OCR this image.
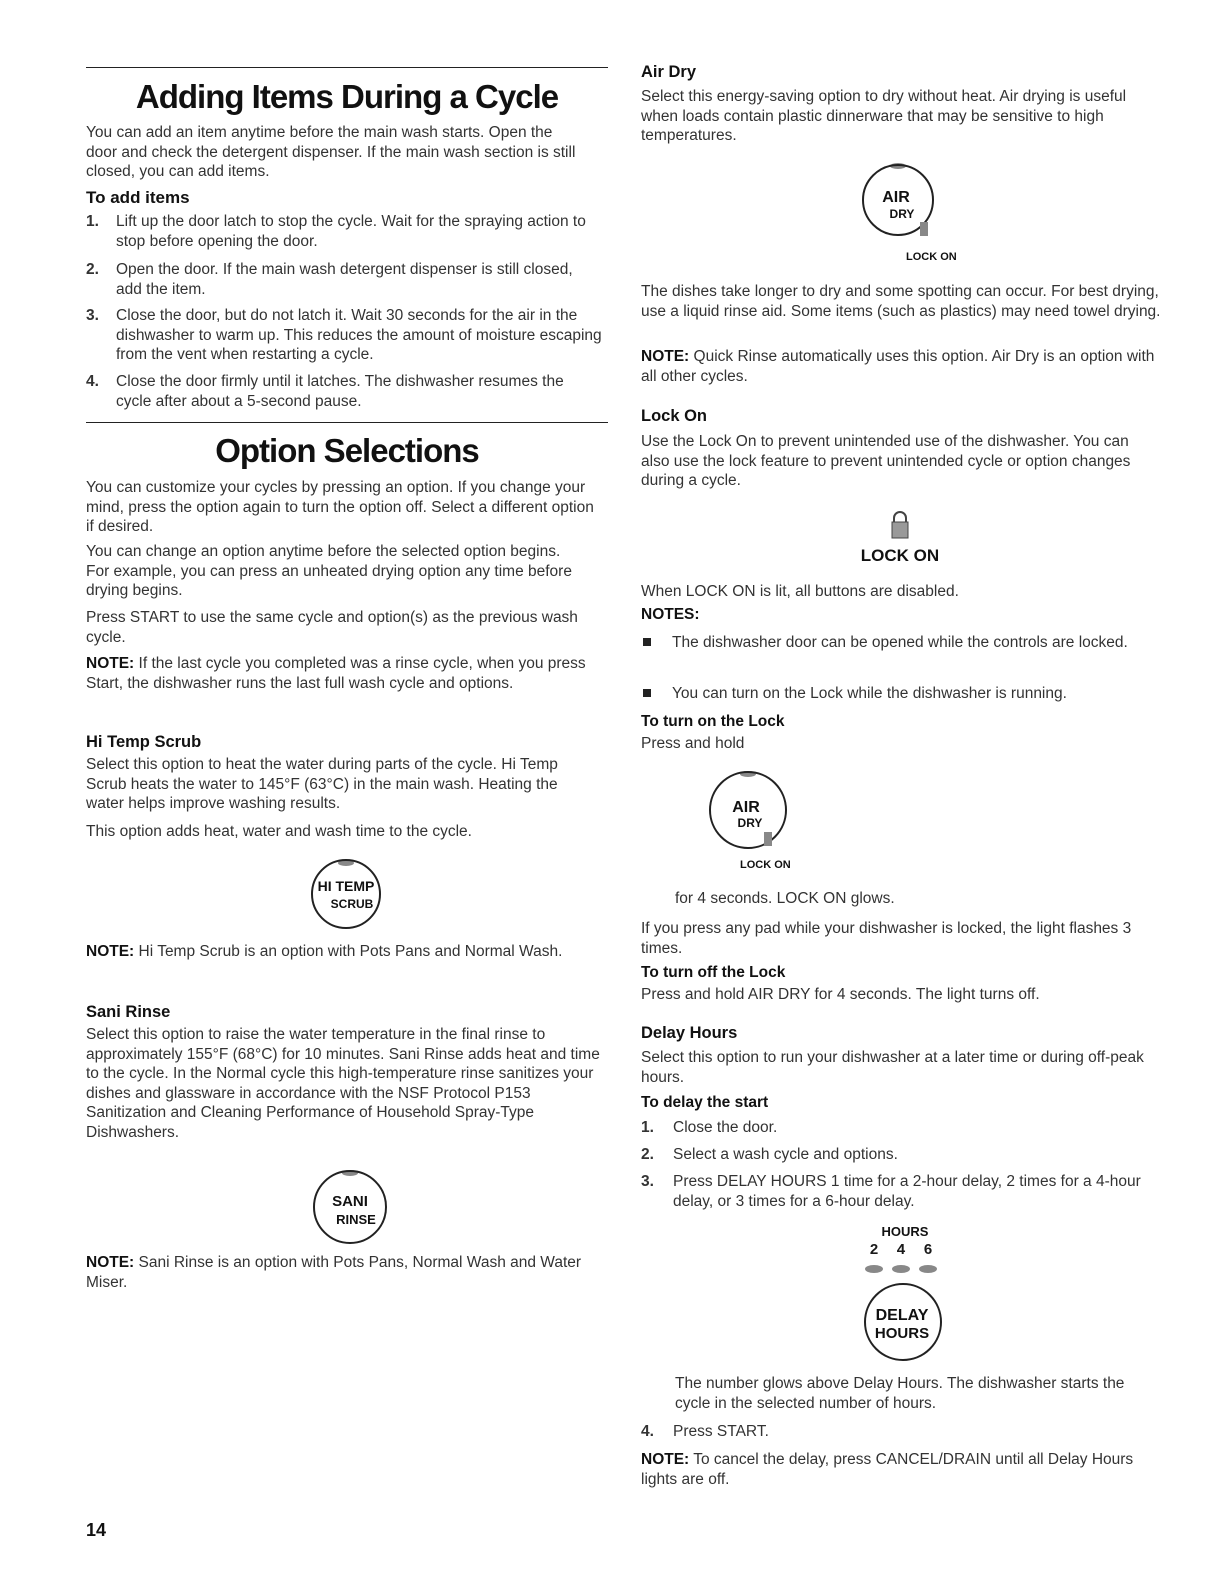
Adding Items During a Cycle
You can add an item anytime before the main wash starts. Open the door and check the detergent dispenser. If the main wash section is still closed, you can add items.
To add items
1. Lift up the door latch to stop the cycle. Wait for the spraying action to stop before opening the door.
2. Open the door. If the main wash detergent dispenser is still closed, add the item.
3. Close the door, but do not latch it. Wait 30 seconds for the air in the dishwasher to warm up. This reduces the amount of moisture escaping from the vent when restarting a cycle.
4. Close the door firmly until it latches. The dishwasher resumes the cycle after about a 5-second pause.
Option Selections
You can customize your cycles by pressing an option. If you change your mind, press the option again to turn the option off. Select a different option if desired.
You can change an option anytime before the selected option begins. For example, you can press an unheated drying option any time before drying begins.
Press START to use the same cycle and option(s) as the previous wash cycle.
NOTE: If the last cycle you completed was a rinse cycle, when you press Start, the dishwasher runs the last full wash cycle and options.
Hi Temp Scrub
Select this option to heat the water during parts of the cycle. Hi Temp Scrub heats the water to 145°F (63°C) in the main wash. Heating the water helps improve washing results.
This option adds heat, water and wash time to the cycle.
HI TEMP
SCRUB
NOTE: Hi Temp Scrub is an option with Pots Pans and Normal Wash.
Sani Rinse
Select this option to raise the water temperature in the final rinse to approximately 155°F (68°C) for 10 minutes. Sani Rinse adds heat and time to the cycle. In the Normal cycle this high-temperature rinse sanitizes your dishes and glassware in accordance with the NSF Protocol P153 Sanitization and Cleaning Performance of Household Spray-Type Dishwashers.
SANI
RINSE
NOTE: Sani Rinse is an option with Pots Pans, Normal Wash and Water Miser.
14
Air Dry
Select this energy-saving option to dry without heat. Air drying is useful when loads contain plastic dinnerware that may be sensitive to high temperatures.
AIR
DRY
LOCK ON
The dishes take longer to dry and some spotting can occur. For best drying, use a liquid rinse aid. Some items (such as plastics) may need towel drying.
NOTE: Quick Rinse automatically uses this option. Air Dry is an option with all other cycles.
Lock On
Use the Lock On to prevent unintended use of the dishwasher. You can also use the lock feature to prevent unintended cycle or option changes during a cycle.
LOCK ON
When LOCK ON is lit, all buttons are disabled.
NOTES:
The dishwasher door can be opened while the controls are locked.
You can turn on the Lock while the dishwasher is running.
To turn on the Lock
Press and hold
AIR
DRY
LOCK ON
for 4 seconds. LOCK ON glows.
If you press any pad while your dishwasher is locked, the light flashes 3 times.
To turn off the Lock
Press and hold AIR DRY for 4 seconds. The light turns off.
Delay Hours
Select this option to run your dishwasher at a later time or during off-peak hours.
To delay the start
1. Close the door.
2. Select a wash cycle and options.
3. Press DELAY HOURS 1 time for a 2-hour delay, 2 times for a 4-hour delay, or 3 times for a 6-hour delay.
HOURS
2 4 6
DELAY
HOURS
The number glows above Delay Hours. The dishwasher starts the cycle in the selected number of hours.
4. Press START.
NOTE: To cancel the delay, press CANCEL/DRAIN until all Delay Hours lights are off.
